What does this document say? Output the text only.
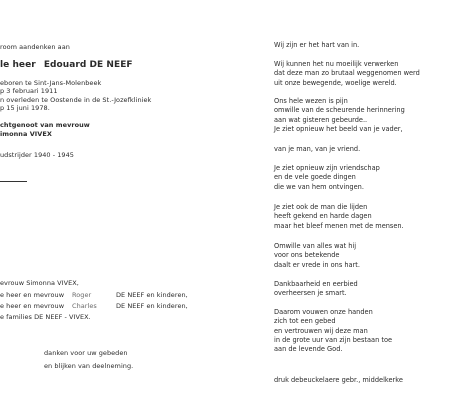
room aandenken aan
le heer Edouard DE NEEF
eboren te Sint-Jans-Molenbeek
p 3 februari 1911
n overleden te Oostende in de St.-Jozefkliniek
p 15 juni 1978.
chtgenoot van mevrouw
imonna VIVEX
udstrijder 1940 - 1945
evrouw Simonna VIVEX,
e heer en mevrouw Roger	DE NEEF en kinderen,
e heer en mevrouw Charles	DE NEEF en kinderen,
e families DE NEEF - VIVEX.
danken voor uw gebeden
en blijken van deelneming.
Wij zijn er het hart van in.
Wij kunnen het nu moeilijk verwerken
dat deze man zo brutaal weggenomen werd
uit onze bewegende, woelige wereld.
Ons hele wezen is pijn
omwille van de scheurende herinnering
aan wat gisteren gebeurde..
Je ziet opnieuw het beeld van je vader,
van je man, van je vriend.
Je ziet opnieuw zijn vriendschap
en de vele goede dingen
die we van hem ontvingen.
Je ziet ook de man die lijden
heeft gekend en harde dagen
maar het bleef menen met de mensen.
Omwille van alles wat hij
voor ons betekende
daalt er vrede in ons hart.
Dankbaarheid en eerbied
overheersen je smart.
Daarom vouwen onze handen
zich tot een gebed
en vertrouwen wij deze man
in de grote uur van zijn bestaan toe
aan de levende God.
druk debeuckelaere gebr., middelkerke
